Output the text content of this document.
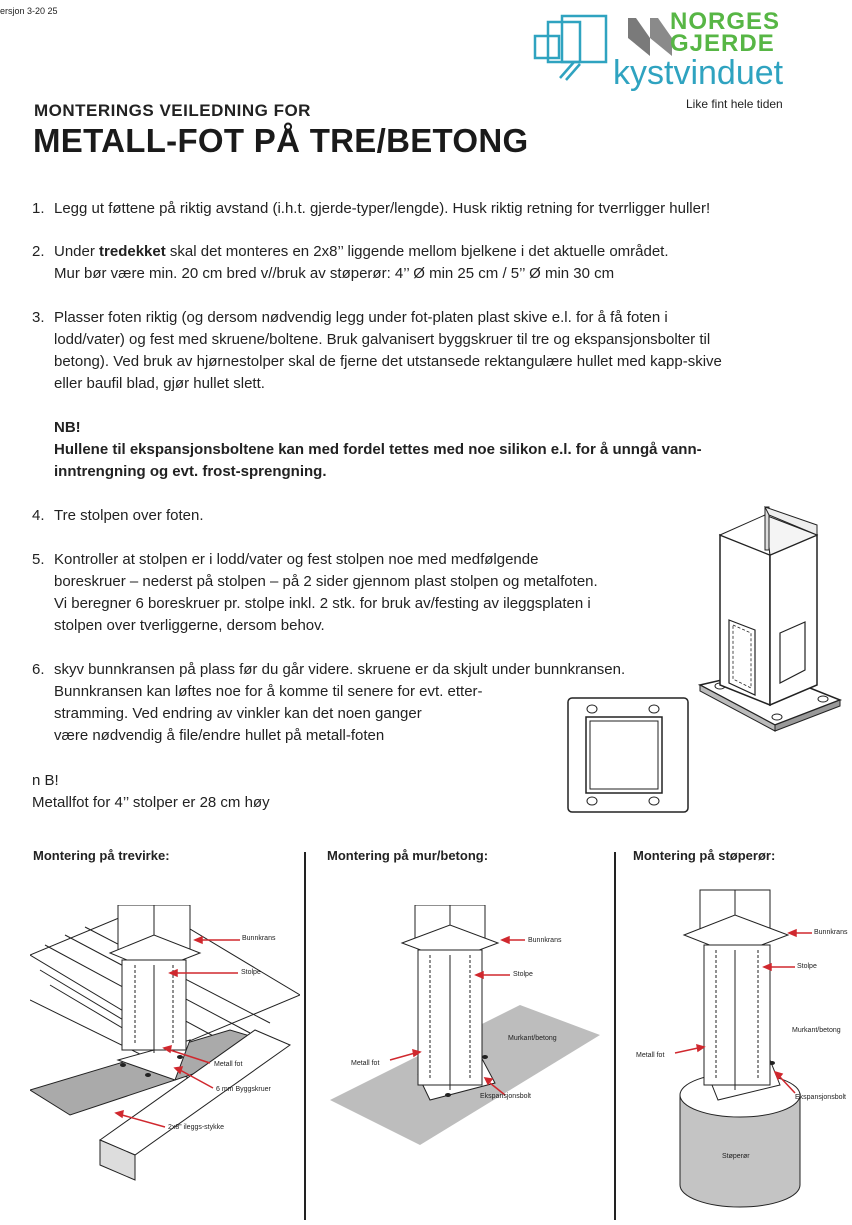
ersjon 3-20 25	NORGES
GJERDE
kystvinduet
Like fint hele tiden
MONTERINGS VEILEDNING FOR
METALL-FOT PÅ TRE/BETONG
1. Legg ut føttene på riktig avstand (i.h.t. gjerde-typer/lengde). Husk riktig retning for tverrligger huller!
2. Under tredekket skal det monteres en 2x8’’ liggende mellom bjelkene i det aktuelle området.
Mur bør være min. 20 cm bred v//bruk av støperør: 4’’ Ø min 25 cm / 5’’ Ø min 30 cm
3. Plasser foten riktig (og dersom nødvendig legg under fot-platen plast skive e.l. for å få foten i
lodd/vater) og fest med skruene/boltene. Bruk galvanisert byggskruer til tre og ekspansjonsbolter til
betong). Ved bruk av hjørnestolper skal de fjerne det utstansede rektangulære hullet med kapp-skive
eller baufil blad, gjør hullet slett.
NB!
Hullene til ekspansjonsboltene kan med fordel tettes med noe silikon e.l. for å unngå vann-
inntrengning og evt. frost-sprengning.
4. Tre stolpen over foten.
5. Kontroller at stolpen er i lodd/vater og fest stolpen noe med medfølgende
boreskruer – nederst på stolpen – på 2 sider gjennom plast stolpen og metalfoten.
Vi beregner 6 boreskruer pr. stolpe inkl. 2 stk. for bruk av/festing av ileggsplaten i
stolpen over tverliggerne, dersom behov.
6. skyv bunnkransen på plass før du går videre. skruene er da skjult under bunnkransen.
Bunnkransen kan løftes noe for å komme til senere for evt. etter-
stramming. Ved endring av vinkler kan det noen ganger
være nødvendig å file/endre hullet på metall-foten
n B!
Metallfot for 4’’ stolper er 28 cm høy
Montering på trevirke:	Montering på mur/betong:	Montering på støperør:
Bunnkrans
Stolpe
Metall fot
6 mm Byggskruer
2x8” ileggs-stykke
Bunnkrans
Stolpe
Murkant/betong
Metall fot
Ekspansjonsbolt
Bunnkrans
Stolpe
Murkant/betong
Metall fot
Ekspansjonsbolt
Støperør
